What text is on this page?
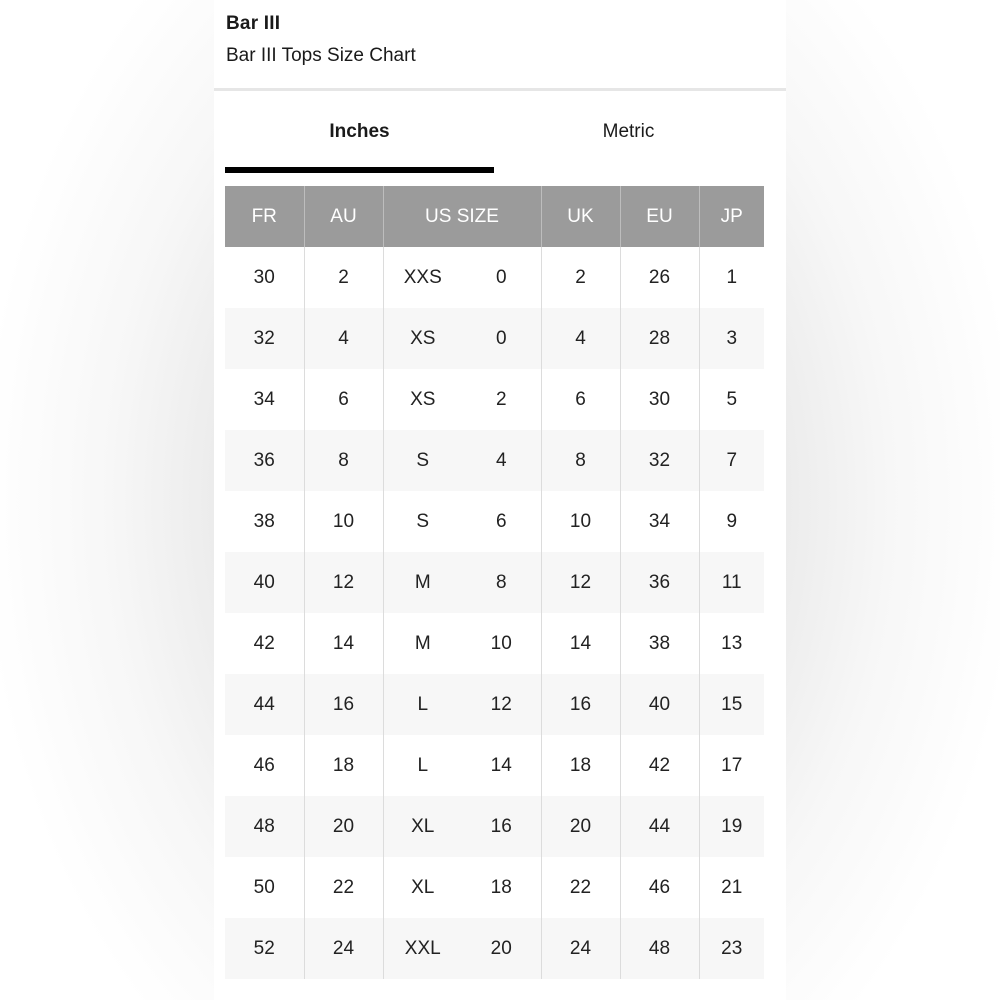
Bar III
Bar III Tops Size Chart
Inches	Metric
FR	AU	US SIZE		UK	EU	JP
30	2	XXS	0	2	26	1
32	4	XS	0	4	28	3
34	6	XS	2	6	30	5
36	8	S	4	8	32	7
38	10	S	6	10	34	9
40	12	M	8	12	36	11
42	14	M	10	14	38	13
44	16	L	12	16	40	15
46	18	L	14	18	42	17
48	20	XL	16	20	44	19
50	22	XL	18	22	46	21
52	24	XXL	20	24	48	23
